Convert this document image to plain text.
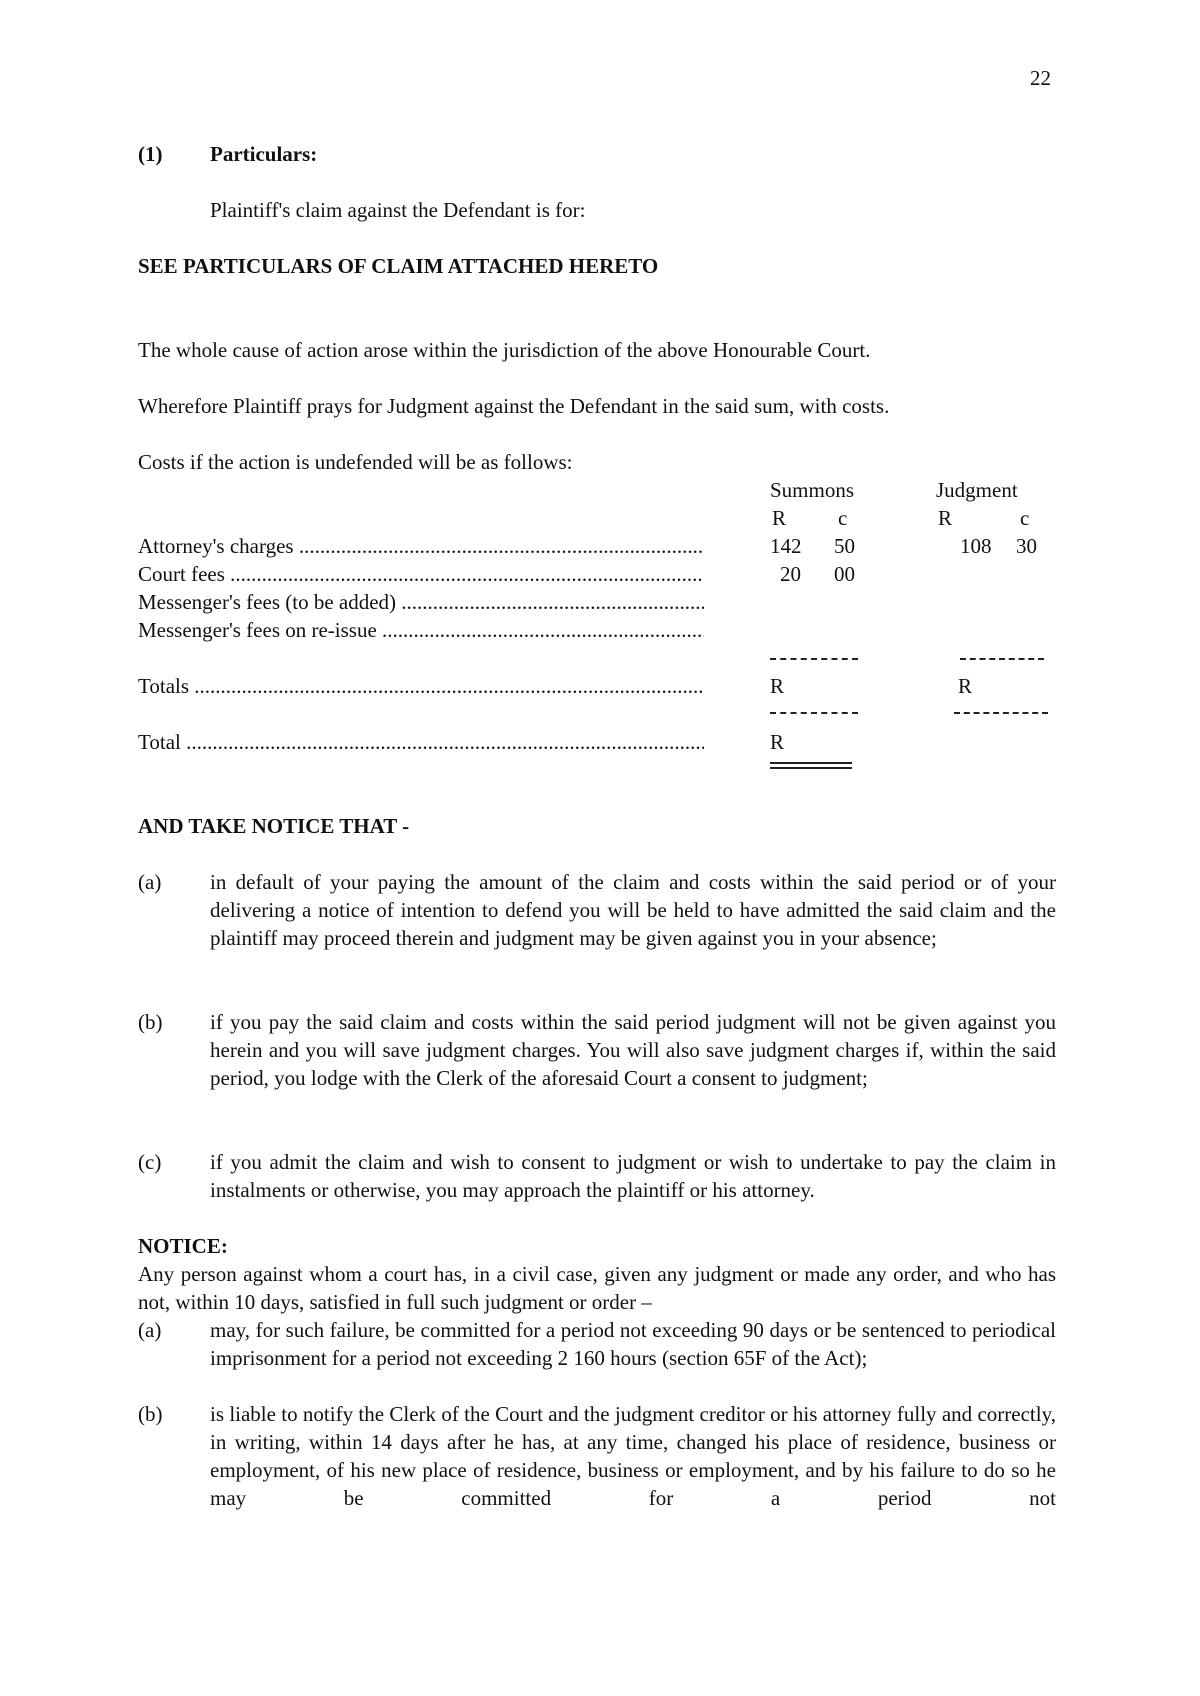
22
(1) Particulars:
Plaintiff's claim against the Defendant is for:
SEE PARTICULARS OF CLAIM ATTACHED HERETO
The whole cause of action arose within the jurisdiction of the above Honourable Court.
Wherefore Plaintiff prays for Judgment against the Defendant in the said sum, with costs.
Costs if the action is undefended will be as follows:
Summons	Judgment
R c	R	c
Attorney's charges .....	142 50	108 30
Court fees .....	20 00
Messenger's fees (to be added) .....
Messenger's fees on re-issue .....
Totals .....	R	R
Total .....	R
AND TAKE NOTICE THAT -
(a) in default of your paying the amount of the claim and costs within the said period or of your delivering a notice of intention to defend you will be held to have admitted the said claim and the plaintiff may proceed therein and judgment may be given against you in your absence;
(b) if you pay the said claim and costs within the said period judgment will not be given against you herein and you will save judgment charges. You will also save judgment charges if, within the said period, you lodge with the Clerk of the aforesaid Court a consent to judgment;
(c) if you admit the claim and wish to consent to judgment or wish to undertake to pay the claim in instalments or otherwise, you may approach the plaintiff or his attorney.
NOTICE:
Any person against whom a court has, in a civil case, given any judgment or made any order, and who has not, within 10 days, satisfied in full such judgment or order –
(a) may, for such failure, be committed for a period not exceeding 90 days or be sentenced to periodical imprisonment for a period not exceeding 2 160 hours (section 65F of the Act);
(b) is liable to notify the Clerk of the Court and the judgment creditor or his attorney fully and correctly, in writing, within 14 days after he has, at any time, changed his place of residence, business or employment, of his new place of residence, business or employment, and by his failure to do so he may be committed for a period not
